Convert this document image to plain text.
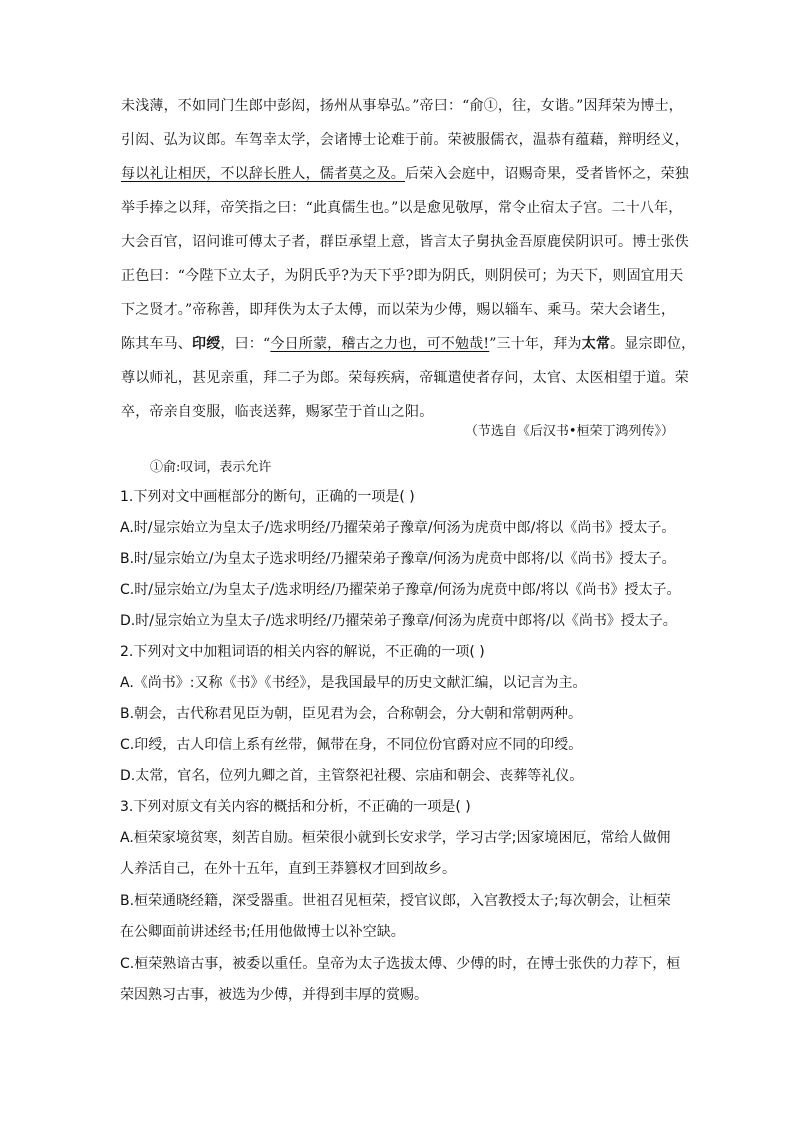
未浅薄，不如同门生郎中彭闳，扬州从事皋弘。”帝曰：“俞①，往，女谐。”因拜荣为博士，
引闳、弘为议郎。车驾幸太学，会诸博士论难于前。荣被服儒衣，温恭有蕴藉，辩明经义，
每以礼让相厌，不以辞长胜人，儒者莫之及。后荣入会庭中，诏赐奇果，受者皆怀之，荣独
举手捧之以拜，帝笑指之曰：“此真儒生也。”以是愈见敬厚，常令止宿太子宫。二十八年，
大会百官，诏问谁可傅太子者，群臣承望上意，皆言太子舅执金吾原鹿侯阴识可。博士张佚
正色曰：“今陛下立太子，为阴氏乎?为天下乎?即为阴氏，则阴侯可；为天下，则固宜用天
下之贤才。”帝称善，即拜佚为太子太傅，而以荣为少傅，赐以辎车、乘马。荣大会诸生，
陈其车马、印绶，曰：“今日所蒙，稽古之力也，可不勉哉!”三十年，拜为太常。显宗即位，
尊以师礼，甚见亲重，拜二子为郎。荣每疾病，帝辄遣使者存问，太官、太医相望于道。荣
卒，帝亲自变服，临丧送葬，赐冢茔于首山之阳。
（节选自《后汉书•桓荣丁鸿列传》）
①俞:叹词，表示允许
1.下列对文中画框部分的断句，正确的一项是( )
A.时/显宗始立为皇太子/选求明经/乃擢荣弟子豫章/何汤为虎贲中郎/将以《尚书》授太子。
B.时/显宗始立/为皇太子选求明经/乃擢荣弟子豫章/何汤为虎贲中郎将/以《尚书》授太子。
C.时/显宗始立/为皇太子/选求明经/乃擢荣弟子豫章/何汤为虎贲中郎/将以《尚书》授太子。
D.时/显宗始立为皇太子/选求明经/乃擢荣弟子豫章/何汤为虎贲中郎将/以《尚书》授太子。
2.下列对文中加粗词语的相关内容的解说，不正确的一项( )
A.《尚书》:又称《书》《书经》，是我国最早的历史文献汇编，以记言为主。
B.朝会，古代称君见臣为朝，臣见君为会，合称朝会，分大朝和常朝两种。
C.印绶，古人印信上系有丝带，佩带在身，不同位份官爵对应不同的印绶。
D.太常，官名，位列九卿之首，主管祭祀社稷、宗庙和朝会、丧葬等礼仪。
3.下列对原文有关内容的概括和分析，不正确的一项是( )
A.桓荣家境贫寒，刻苦自励。桓荣很小就到长安求学，学习古学;因家境困厄，常给人做佣
人养活自己，在外十五年，直到王莽篡权才回到故乡。
B.桓荣通晓经籍，深受器重。世祖召见桓荣，授官议郎，入宫教授太子;每次朝会，让桓荣
在公卿面前讲述经书;任用他做博士以补空缺。
C.桓荣熟谙古事，被委以重任。皇帝为太子选拔太傅、少傅的时，在博士张佚的力荐下，桓
荣因熟习古事，被选为少傅，并得到丰厚的赏赐。
